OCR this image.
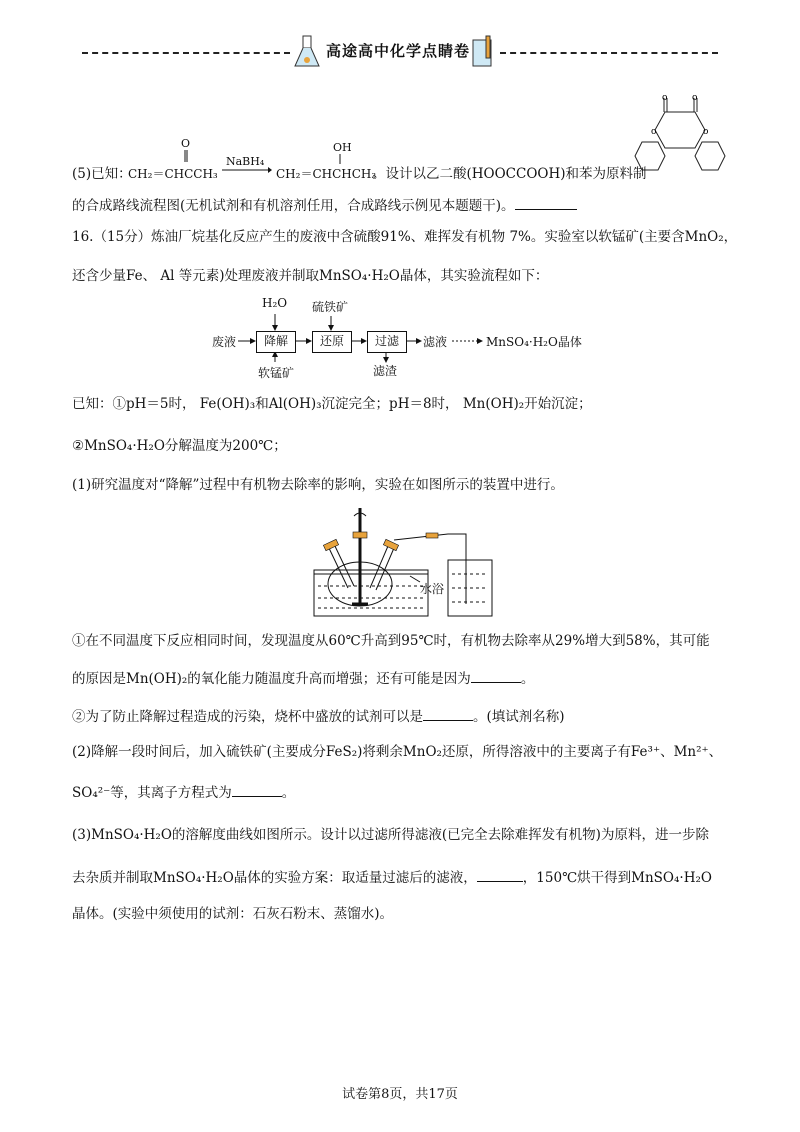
高途高中化学点睛卷
o	o
o	o
O	OH
(5)已知：
CH₂＝CHCCH₃
NaBH₄
→ CH₂＝CHCHCH₃
。设计以乙二酸(HOOCCOOH)和苯为原料制
的合成路线流程图(无机试剂和有机溶剂任用，合成路线示例见本题题干)。
16.（15分）炼油厂烷基化反应产生的废液中含硫酸91%、难挥发有机物 7%。实验室以软锰矿(主要含MnO₂，
还含少量Fe、 Al 等元素)处理废液并制取MnSO₄·H₂O晶体，其实验流程如下：
废液	降解
H₂O
软锰矿
还原
硫铁矿
过滤
滤渣
滤液	MnSO₄·H₂O晶体
已知：①pH＝5时， Fe(OH)₃和Al(OH)₃沉淀完全；pH＝8时， Mn(OH)₂开始沉淀；
②MnSO₄·H₂O分解温度为200℃；
(1)研究温度对“降解”过程中有机物去除率的影响，实验在如图所示的装置中进行。
水浴
①在不同温度下反应相同时间，发现温度从60℃升高到95℃时，有机物去除率从29%增大到58%，其可能
的原因是Mn(OH)₂的氧化能力随温度升高而增强；还有可能是因为	。
②为了防止降解过程造成的污染，烧杯中盛放的试剂可以是	。(填试剂名称)
(2)降解一段时间后，加入硫铁矿(主要成分FeS₂)将剩余MnO₂还原，所得溶液中的主要离子有Fe³⁺、Mn²⁺、
SO₄²⁻等，其离子方程式为	。
(3)MnSO₄·H₂O的溶解度曲线如图所示。设计以过滤所得滤液(已完全去除难挥发有机物)为原料，进一步除
去杂质并制取MnSO₄·H₂O晶体的实验方案：取适量过滤后的滤液，	，150℃烘干得到MnSO₄·H₂O
晶体。(实验中须使用的试剂：石灰石粉末、蒸馏水)。
试卷第8页，共17页
